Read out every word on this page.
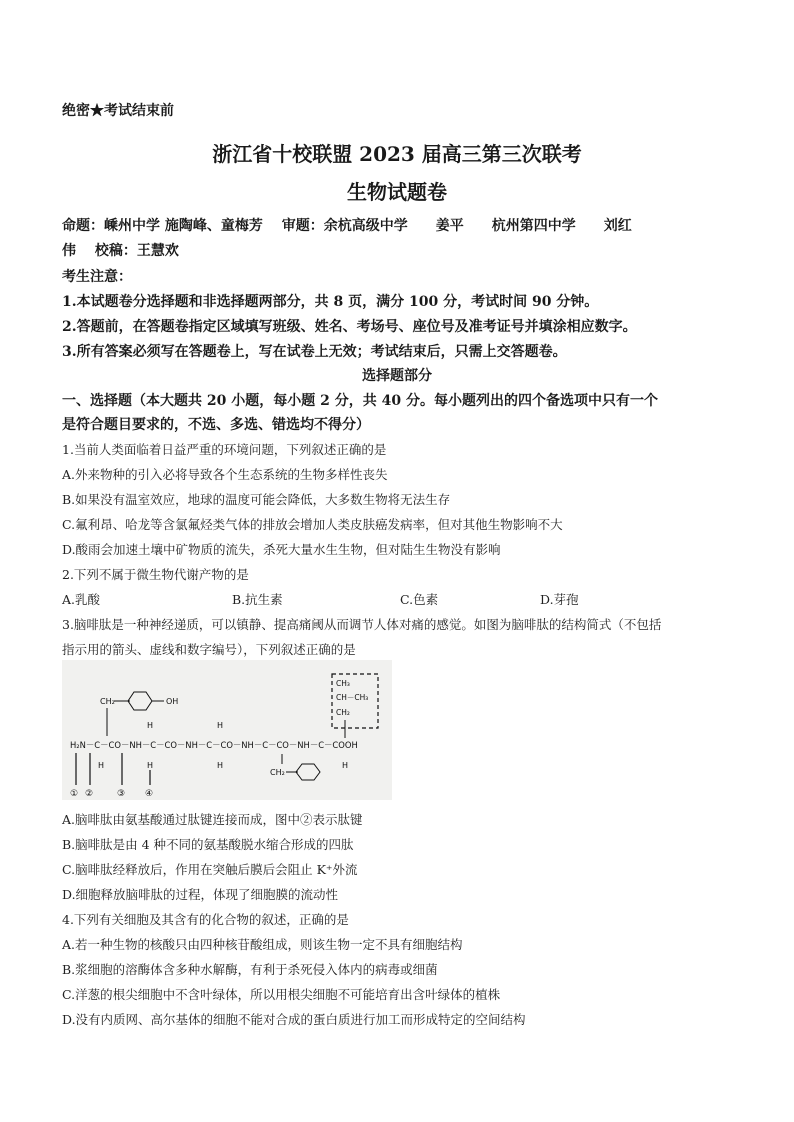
绝密★考试结束前
浙江省十校联盟 2023 届高三第三次联考
生物试题卷
命题：嵊州中学 施陶峰、童梅芳　 审题：余杭高级中学　　姜平　　杭州第四中学　　刘红
伟　 校稿：王慧欢
考生注意：
1.本试题卷分选择题和非选择题两部分，共 8 页，满分 100 分，考试时间 90 分钟。
2.答题前，在答题卷指定区域填写班级、姓名、考场号、座位号及准考证号并填涂相应数字。
3.所有答案必须写在答题卷上，写在试卷上无效；考试结束后，只需上交答题卷。
选择题部分
一、选择题（本大题共 20 小题，每小题 2 分，共 40 分。每小题列出的四个备选项中只有一个
是符合题目要求的，不选、多选、错选均不得分）
1.当前人类面临着日益严重的环境问题，下列叙述正确的是
A.外来物种的引入必将导致各个生态系统的生物多样性丧失
B.如果没有温室效应，地球的温度可能会降低，大多数生物将无法生存
C.氟利昂、哈龙等含氯氟烃类气体的排放会增加人类皮肤癌发病率，但对其他生物影响不大
D.酸雨会加速土壤中矿物质的流失，杀死大量水生生物，但对陆生生物没有影响
2.下列不属于微生物代谢产物的是
A.乳酸	B.抗生素	C.色素	D.芽孢
3.脑啡肽是一种神经递质，可以镇静、提高痛阈从而调节人体对痛的感觉。如图为脑啡肽的结构简式（不包括
指示用的箭头、虚线和数字编号），下列叙述正确的是
CH₂	OH
H₂N－C－CO－NH－C－CO－NH－C－CO－NH－C－CO－NH－C－COOH
H	H	H	H
H	H
CH₂
CH₃
CH－CH₃
CH₂
① ②	③ ④
A.脑啡肽由氨基酸通过肽键连接而成，图中②表示肽键
B.脑啡肽是由 4 种不同的氨基酸脱水缩合形成的四肽
C.脑啡肽经释放后，作用在突触后膜后会阻止 K⁺外流
D.细胞释放脑啡肽的过程，体现了细胞膜的流动性
4.下列有关细胞及其含有的化合物的叙述，正确的是
A.若一种生物的核酸只由四种核苷酸组成，则该生物一定不具有细胞结构
B.浆细胞的溶酶体含多种水解酶，有利于杀死侵入体内的病毒或细菌
C.洋葱的根尖细胞中不含叶绿体，所以用根尖细胞不可能培育出含叶绿体的植株
D.没有内质网、高尔基体的细胞不能对合成的蛋白质进行加工而形成特定的空间结构
